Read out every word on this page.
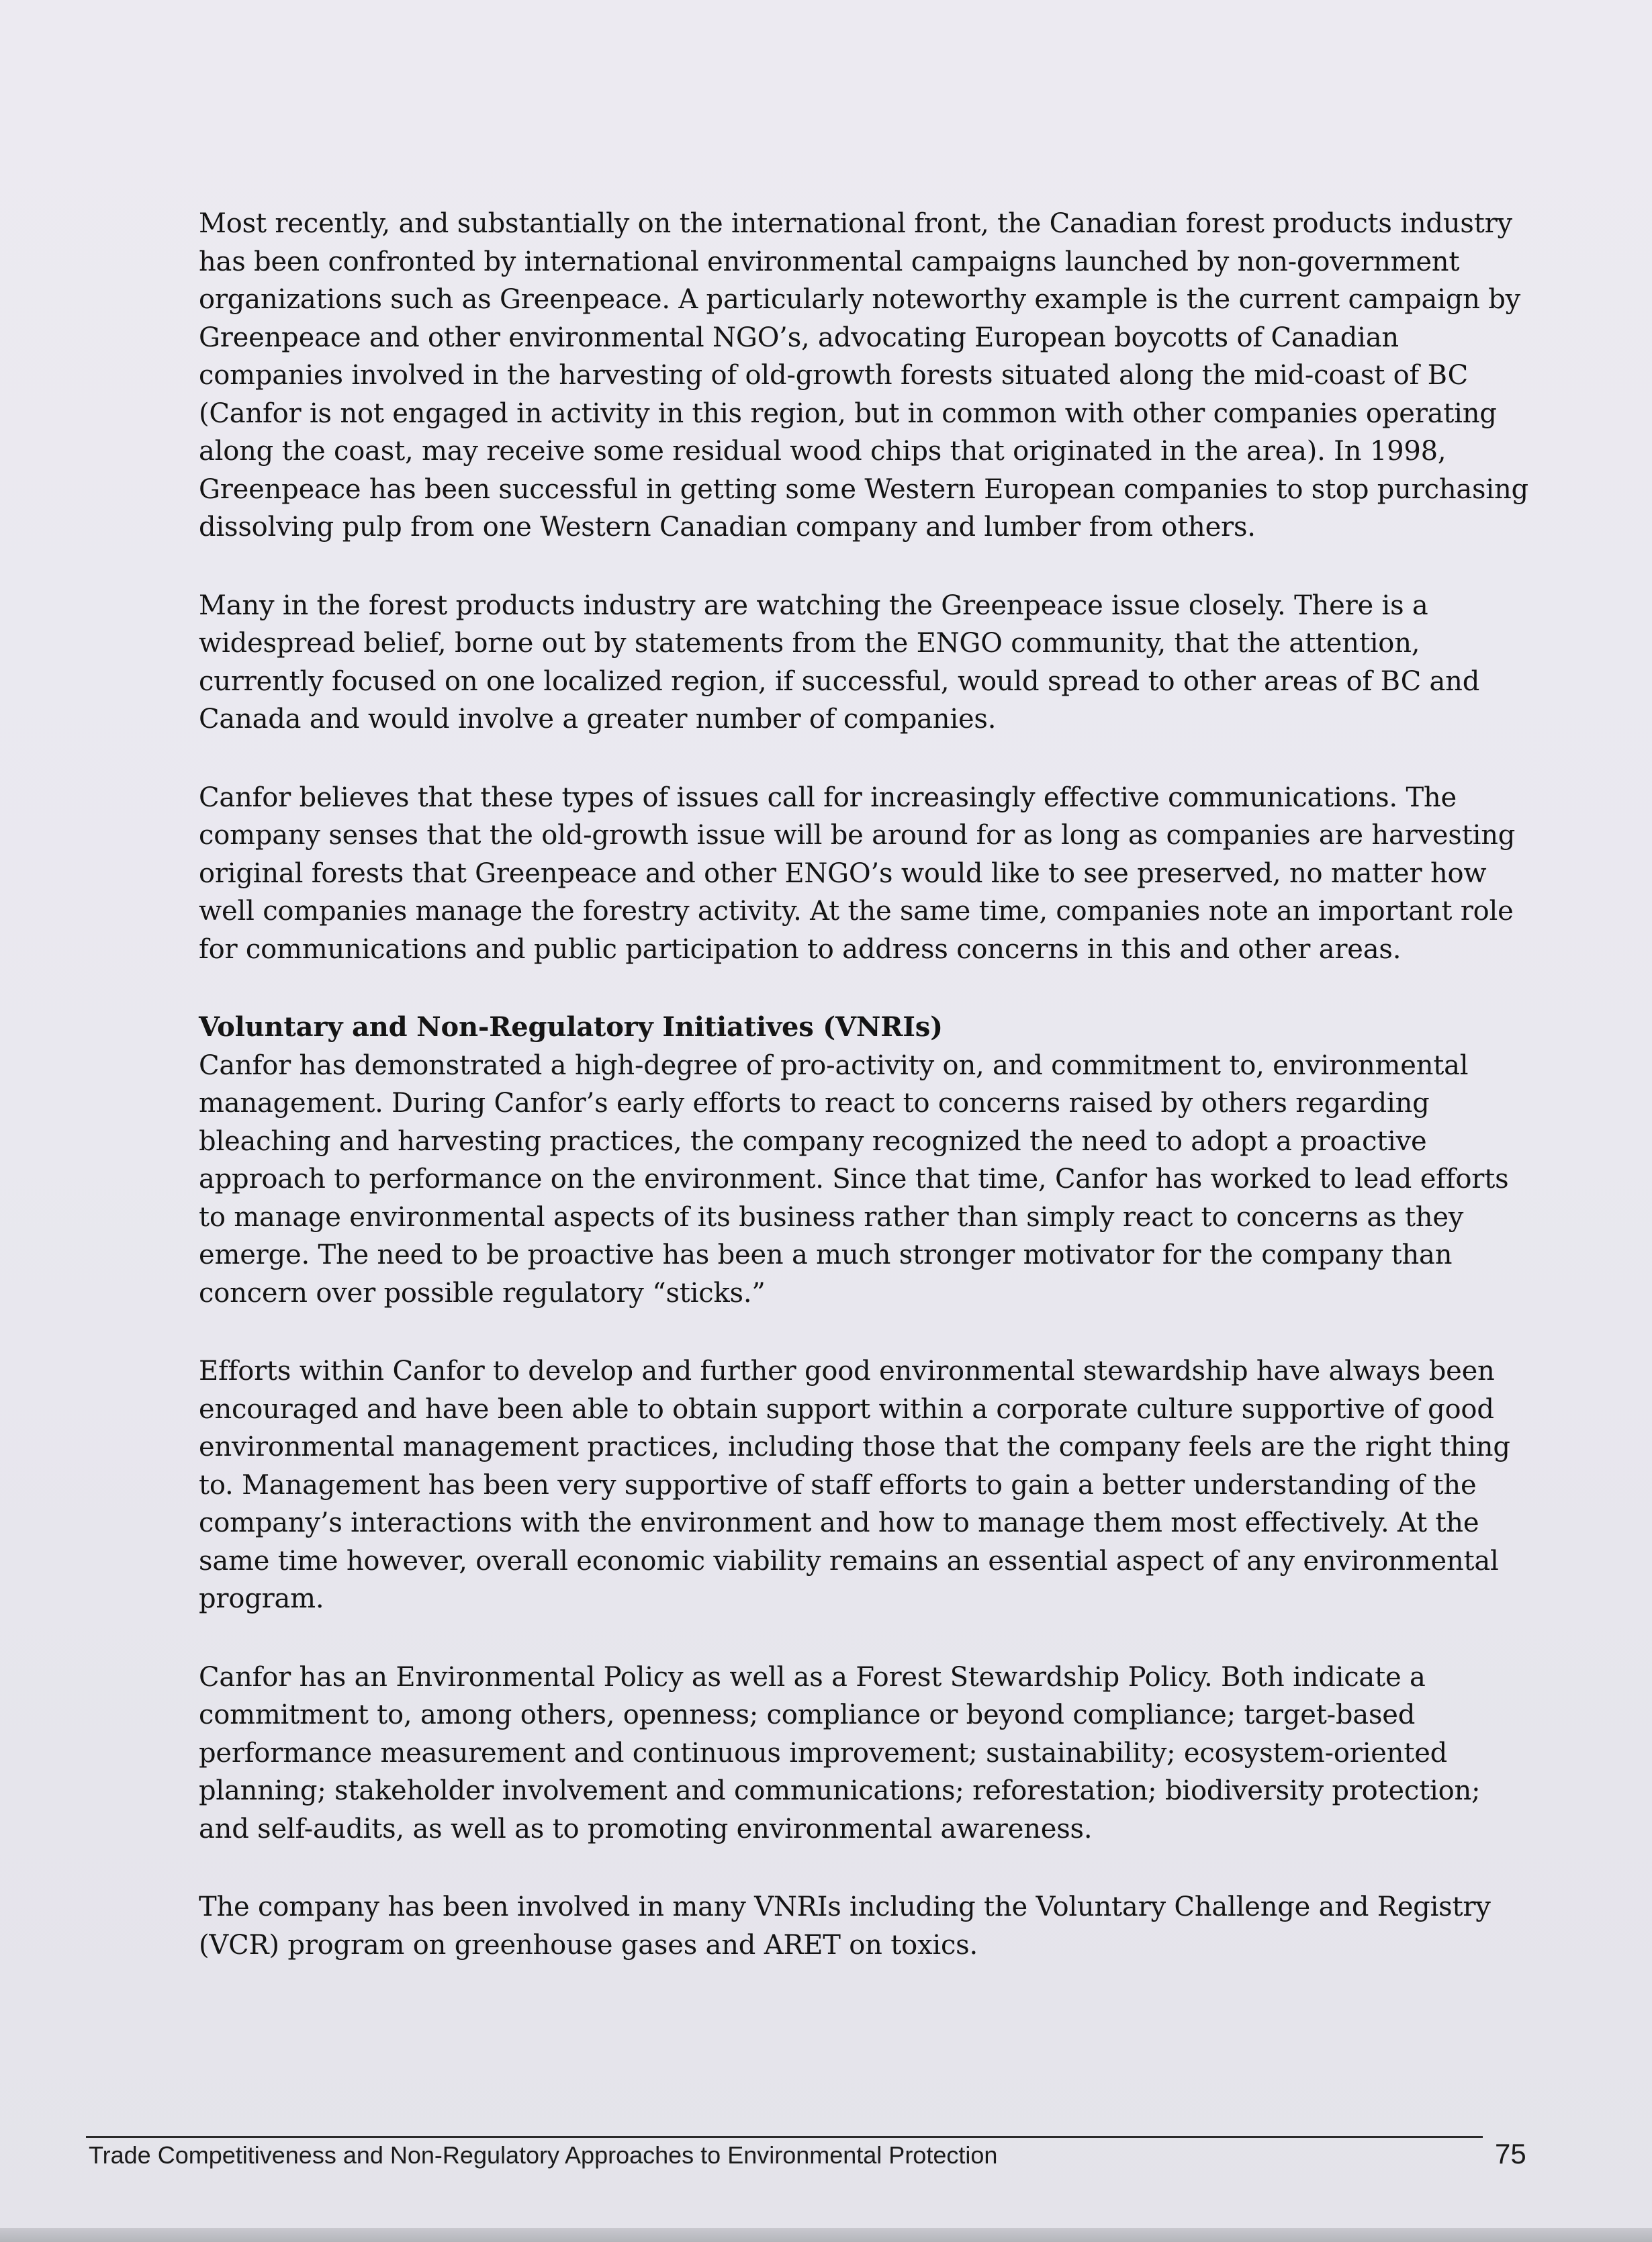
Most recently, and substantially on the international front, the Canadian forest products industry has been confronted by international environmental campaigns launched by non-government organizations such as Greenpeace. A particularly noteworthy example is the current campaign by Greenpeace and other environmental NGO’s, advocating European boycotts of Canadian companies involved in the harvesting of old-growth forests situated along the mid-coast of BC (Canfor is not engaged in activity in this region, but in common with other companies operating along the coast, may receive some residual wood chips that originated in the area). In 1998, Greenpeace has been successful in getting some Western European companies to stop purchasing dissolving pulp from one Western Canadian company and lumber from others.

Many in the forest products industry are watching the Greenpeace issue closely. There is a widespread belief, borne out by statements from the ENGO community, that the attention, currently focused on one localized region, if successful, would spread to other areas of BC and Canada and would involve a greater number of companies.

Canfor believes that these types of issues call for increasingly effective communications. The company senses that the old-growth issue will be around for as long as companies are harvesting original forests that Greenpeace and other ENGO’s would like to see preserved, no matter how well companies manage the forestry activity. At the same time, companies note an important role for communications and public participation to address concerns in this and other areas.

Voluntary and Non-Regulatory Initiatives (VNRIs)

Canfor has demonstrated a high-degree of pro-activity on, and commitment to, environmental management. During Canfor’s early efforts to react to concerns raised by others regarding bleaching and harvesting practices, the company recognized the need to adopt a proactive approach to performance on the environment. Since that time, Canfor has worked to lead efforts to manage environmental aspects of its business rather than simply react to concerns as they emerge. The need to be proactive has been a much stronger motivator for the company than concern over possible regulatory “sticks.”

Efforts within Canfor to develop and further good environmental stewardship have always been encouraged and have been able to obtain support within a corporate culture supportive of good environmental management practices, including those that the company feels are the right thing to. Management has been very supportive of staff efforts to gain a better understanding of the company’s interactions with the environment and how to manage them most effectively. At the same time however, overall economic viability remains an essential aspect of any environmental program.

Canfor has an Environmental Policy as well as a Forest Stewardship Policy. Both indicate a commitment to, among others, openness; compliance or beyond compliance; target-based performance measurement and continuous improvement; sustainability; ecosystem-oriented planning; stakeholder involvement and communications; reforestation; biodiversity protection; and self-audits, as well as to promoting environmental awareness.

The company has been involved in many VNRIs including the Voluntary Challenge and Registry (VCR) program on greenhouse gases and ARET on toxics.

Trade Competitiveness and Non-Regulatory Approaches to Environmental Protection	75
